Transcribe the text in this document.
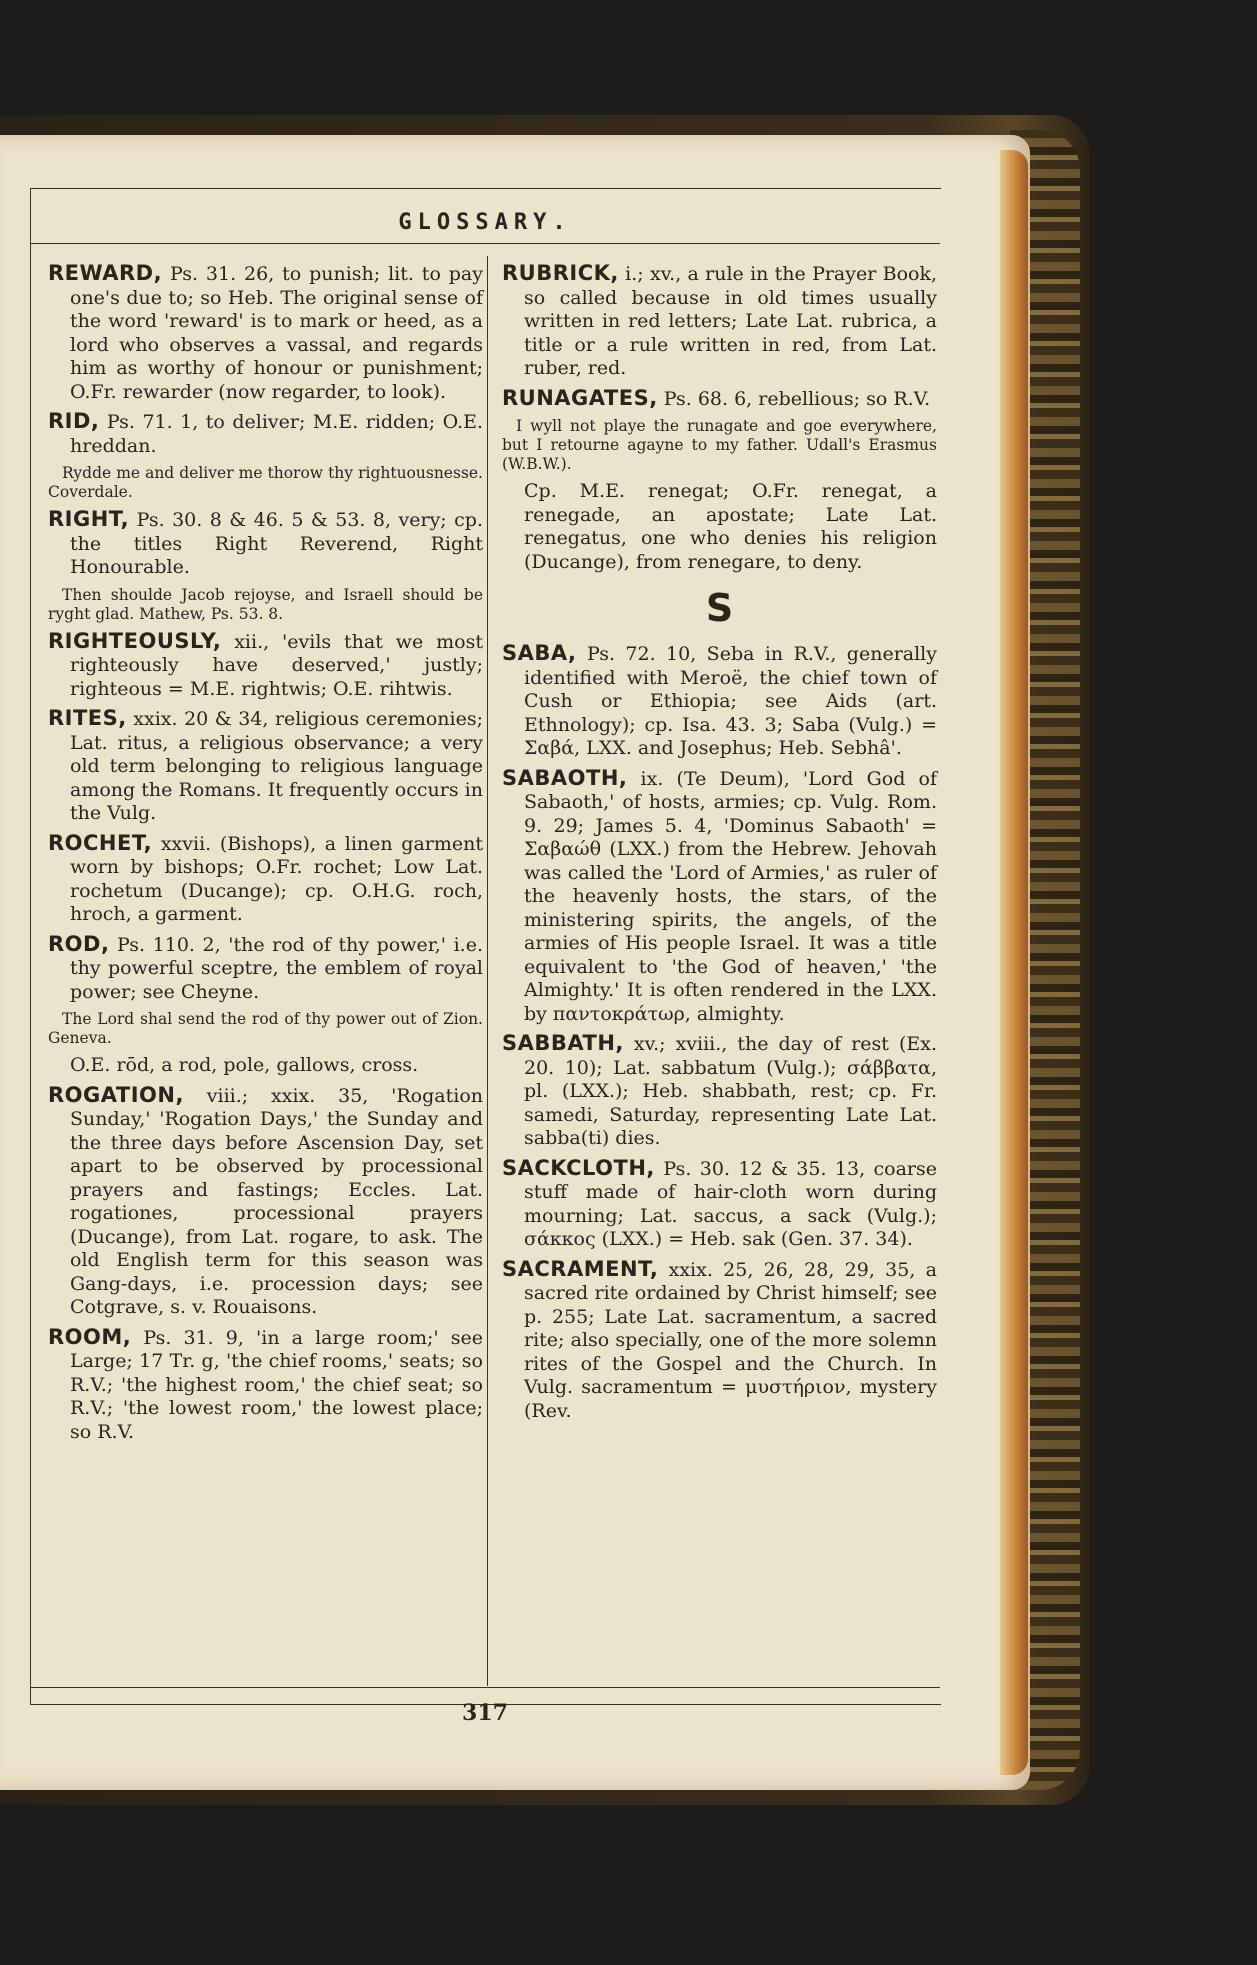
GLOSSARY.
REWARD, Ps. 31. 26, to punish; lit. to pay one's due to; so Heb. The original sense of the word 'reward' is to mark or heed, as a lord who observes a vassal, and regards him as worthy of honour or punishment; O.Fr. rewarder (now regarder, to look).
RID, Ps. 71. 1, to deliver; M.E. ridden; O.E. hreddan.
Rydde me and deliver me thorow thy rightuousnesse. Coverdale.
RIGHT, Ps. 30. 8 & 46. 5 & 53. 8, very; cp. the titles Right Reverend, Right Honourable.
Then shoulde Jacob rejoyse, and Israell should be ryght glad. Mathew, Ps. 53. 8.
RIGHTEOUSLY, xii., 'evils that we most righteously have deserved,' justly; righteous = M.E. rightwis; O.E. rihtwis.
RITES, xxix. 20 & 34, religious ceremonies; Lat. ritus, a religious observance; a very old term belonging to religious language among the Romans. It frequently occurs in the Vulg.
ROCHET, xxvii. (Bishops), a linen garment worn by bishops; O.Fr. rochet; Low Lat. rochetum (Ducange); cp. O.H.G. roch, hroch, a garment.
ROD, Ps. 110. 2, 'the rod of thy power,' i.e. thy powerful sceptre, the emblem of royal power; see Cheyne.
The Lord shal send the rod of thy power out of Zion. Geneva.
O.E. rōd, a rod, pole, gallows, cross.
ROGATION, viii.; xxix. 35, 'Rogation Sunday,' 'Rogation Days,' the Sunday and the three days before Ascension Day, set apart to be observed by processional prayers and fastings; Eccles. Lat. rogationes, processional prayers (Ducange), from Lat. rogare, to ask. The old English term for this season was Gang-days, i.e. procession days; see Cotgrave, s. v. Rouaisons.
ROOM, Ps. 31. 9, 'in a large room;' see Large; 17 Tr. g, 'the chief rooms,' seats; so R.V.; 'the highest room,' the chief seat; so R.V.; 'the lowest room,' the lowest place; so R.V.
RUBRICK, i.; xv., a rule in the Prayer Book, so called because in old times usually written in red letters; Late Lat. rubrica, a title or a rule written in red, from Lat. ruber, red.
RUNAGATES, Ps. 68. 6, rebellious; so R.V.
I wyll not playe the runagate and goe everywhere, but I retourne agayne to my father. Udall's Erasmus (W.B.W.).
Cp. M.E. renegat; O.Fr. renegat, a renegade, an apostate; Late Lat. renegatus, one who denies his religion (Ducange), from renegare, to deny.
S
SABA, Ps. 72. 10, Seba in R.V., generally identified with Meroë, the chief town of Cush or Ethiopia; see Aids (art. Ethnology); cp. Isa. 43. 3; Saba (Vulg.) = Σαβά, LXX. and Josephus; Heb. Sebhâ'.
SABAOTH, ix. (Te Deum), 'Lord God of Sabaoth,' of hosts, armies; cp. Vulg. Rom. 9. 29; James 5. 4, 'Dominus Sabaoth' = Σαβαώθ (LXX.) from the Hebrew. Jehovah was called the 'Lord of Armies,' as ruler of the heavenly hosts, the stars, of the ministering spirits, the angels, of the armies of His people Israel. It was a title equivalent to 'the God of heaven,' 'the Almighty.' It is often rendered in the LXX. by παντοκράτωρ, almighty.
SABBATH, xv.; xviii., the day of rest (Ex. 20. 10); Lat. sabbatum (Vulg.); σάββατα, pl. (LXX.); Heb. shabbath, rest; cp. Fr. samedi, Saturday, representing Late Lat. sabba(ti) dies.
SACKCLOTH, Ps. 30. 12 & 35. 13, coarse stuff made of hair-cloth worn during mourning; Lat. saccus, a sack (Vulg.); σάκκος (LXX.) = Heb. sak (Gen. 37. 34).
SACRAMENT, xxix. 25, 26, 28, 29, 35, a sacred rite ordained by Christ himself; see p. 255; Late Lat. sacramentum, a sacred rite; also specially, one of the more solemn rites of the Gospel and the Church. In Vulg. sacramentum = μυστήριον, mystery (Rev.
317
